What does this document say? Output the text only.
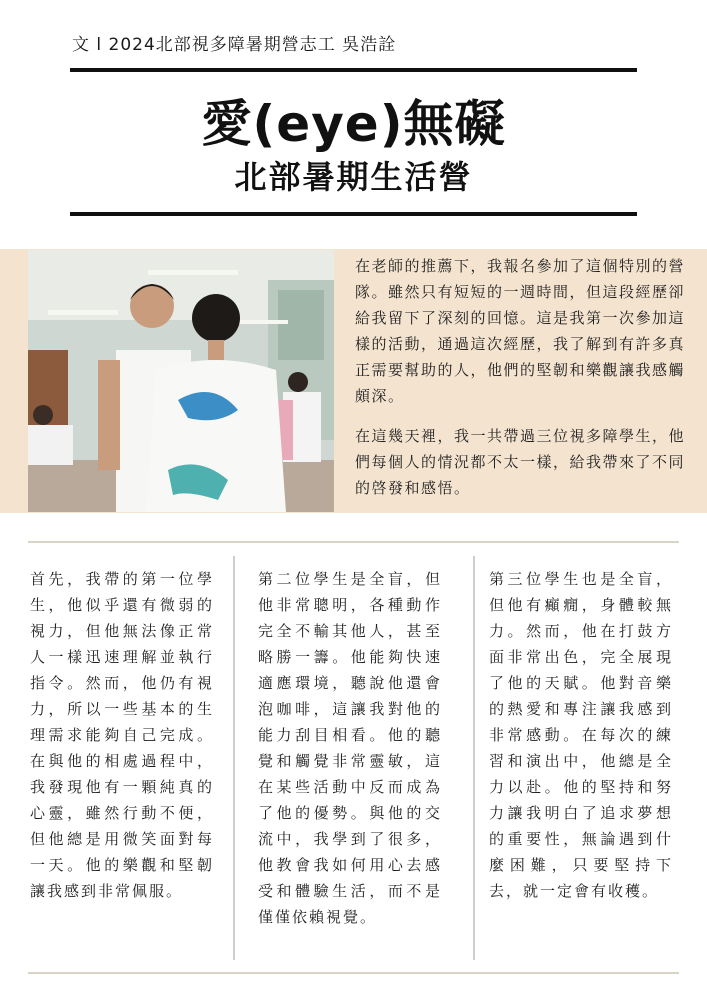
文 l 2024北部視多障暑期營志工 吳浩詮
愛(eye)無礙
北部暑期生活營

在老師的推薦下，我報名參加了這個特別的營隊。雖然只有短短的一週時間，但這段經歷卻給我留下了深刻的回憶。這是我第一次參加這樣的活動，通過這次經歷，我了解到有許多真正需要幫助的人，他們的堅韌和樂觀讓我感觸頗深。

在這幾天裡，我一共帶過三位視多障學生，他們每個人的情況都不太一樣，給我帶來了不同的啓發和感悟。

首先，我帶的第一位學生，他似乎還有微弱的視力，但他無法像正常人一樣迅速理解並執行指令。然而，他仍有視力，所以一些基本的生理需求能夠自己完成。在與他的相處過程中，我發現他有一顆純真的心靈，雖然行動不便，但他總是用微笑面對每一天。他的樂觀和堅韌讓我感到非常佩服。
第二位學生是全盲，但他非常聰明，各種動作完全不輸其他人，甚至略勝一籌。他能夠快速適應環境，聽說他還會泡咖啡，這讓我對他的能力刮目相看。他的聽覺和觸覺非常靈敏，這在某些活動中反而成為了他的優勢。與他的交流中，我學到了很多，他教會我如何用心去感受和體驗生活，而不是僅僅依賴視覺。
第三位學生也是全盲，但他有癲癇，身體較無力。然而，他在打鼓方面非常出色，完全展現了他的天賦。他對音樂的熱愛和專注讓我感到非常感動。在每次的練習和演出中，他總是全力以赴。他的堅持和努力讓我明白了追求夢想的重要性，無論遇到什麼困難，只要堅持下去，就一定會有收穫。
